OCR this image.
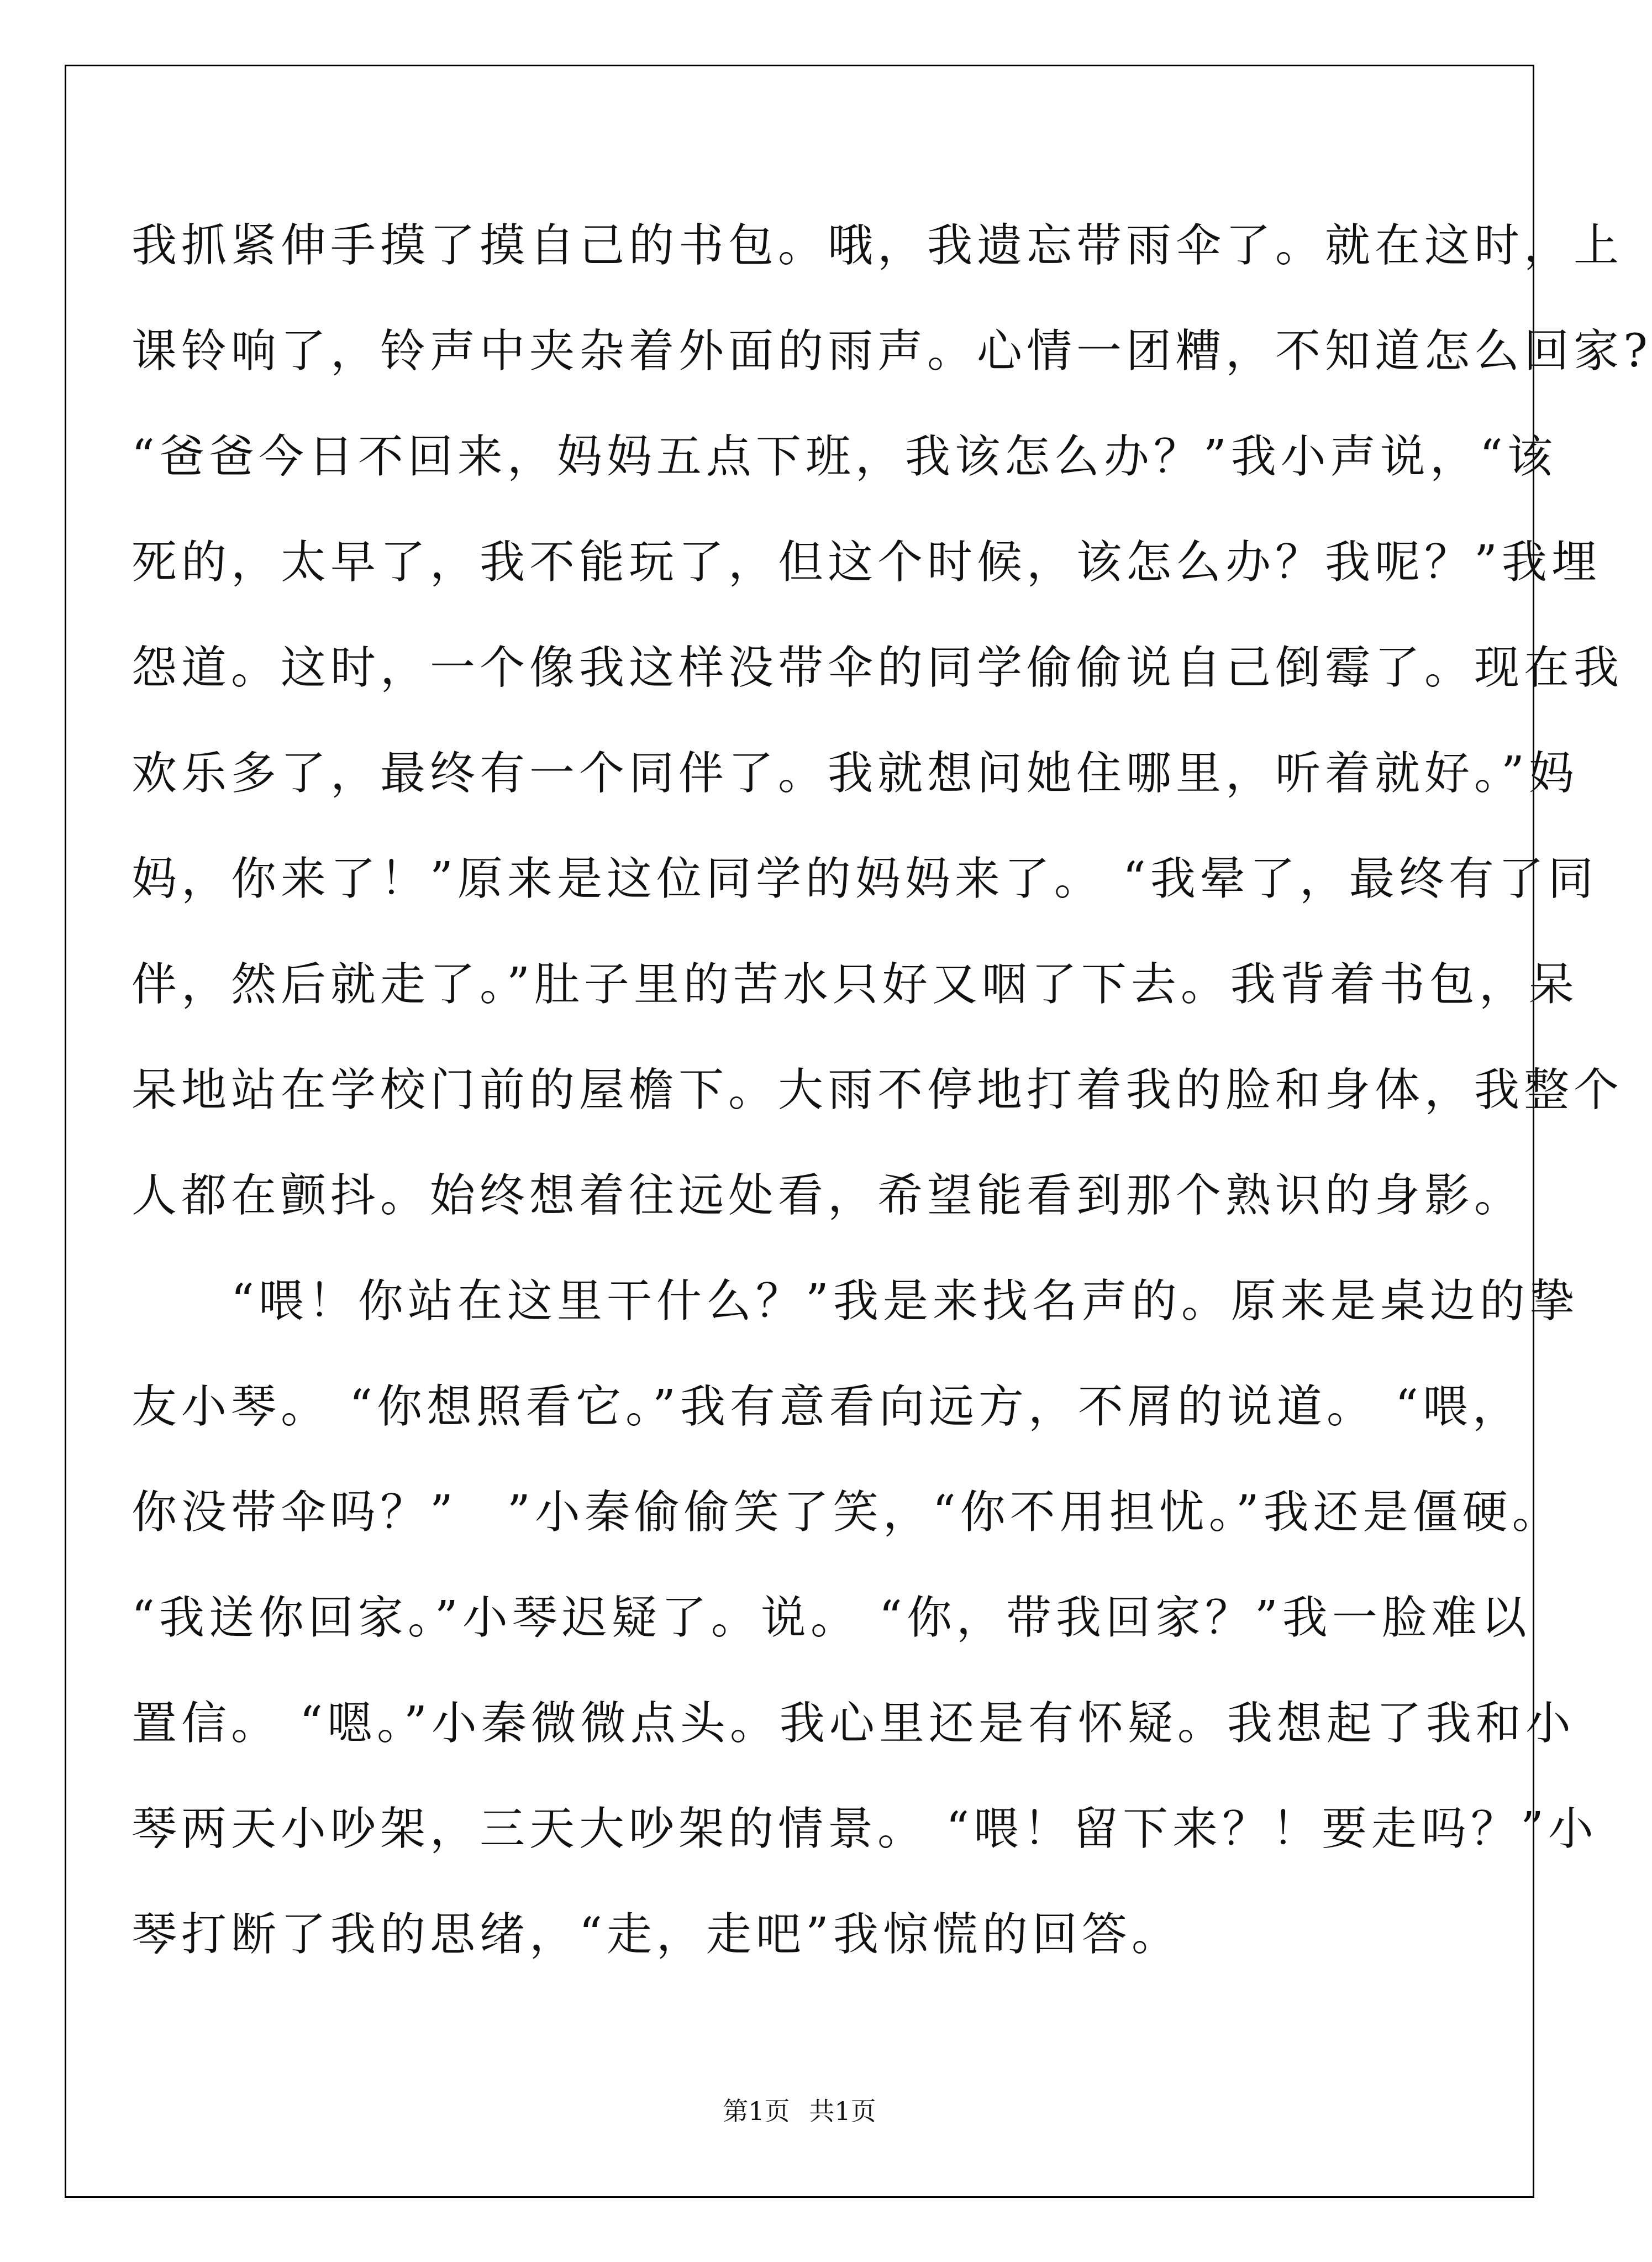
我抓紧伸手摸了摸自己的书包。哦，我遗忘带雨伞了。就在这时，上
课铃响了，铃声中夹杂着外面的雨声。心情一团糟，不知道怎么回家?
“爸爸今日不回来，妈妈五点下班，我该怎么办？”我小声说，“该
死的，太早了，我不能玩了，但这个时候，该怎么办？我呢？”我埋
怨道。这时，一个像我这样没带伞的同学偷偷说自己倒霉了。现在我
欢乐多了，最终有一个同伴了。我就想问她住哪里，听着就好。”妈
妈，你来了！”原来是这位同学的妈妈来了。 “我晕了，最终有了同
伴，然后就走了。”肚子里的苦水只好又咽了下去。我背着书包，呆
呆地站在学校门前的屋檐下。大雨不停地打着我的脸和身体，我整个
人都在颤抖。始终想着往远处看，希望能看到那个熟识的身影。
　　“喂！你站在这里干什么？”我是来找名声的。原来是桌边的挚
友小琴。 “你想照看它。”我有意看向远方，不屑的说道。 “喂，
你没带伞吗？”　”小秦偷偷笑了笑，“你不用担忧。”我还是僵硬。
“我送你回家。”小琴迟疑了。说。 “你，带我回家？”我一脸难以
置信。 “嗯。”小秦微微点头。我心里还是有怀疑。我想起了我和小
琴两天小吵架，三天大吵架的情景。 “喂！留下来？！要走吗？”小
琴打断了我的思绪，“走，走吧”我惊慌的回答。
第1页 共1页
